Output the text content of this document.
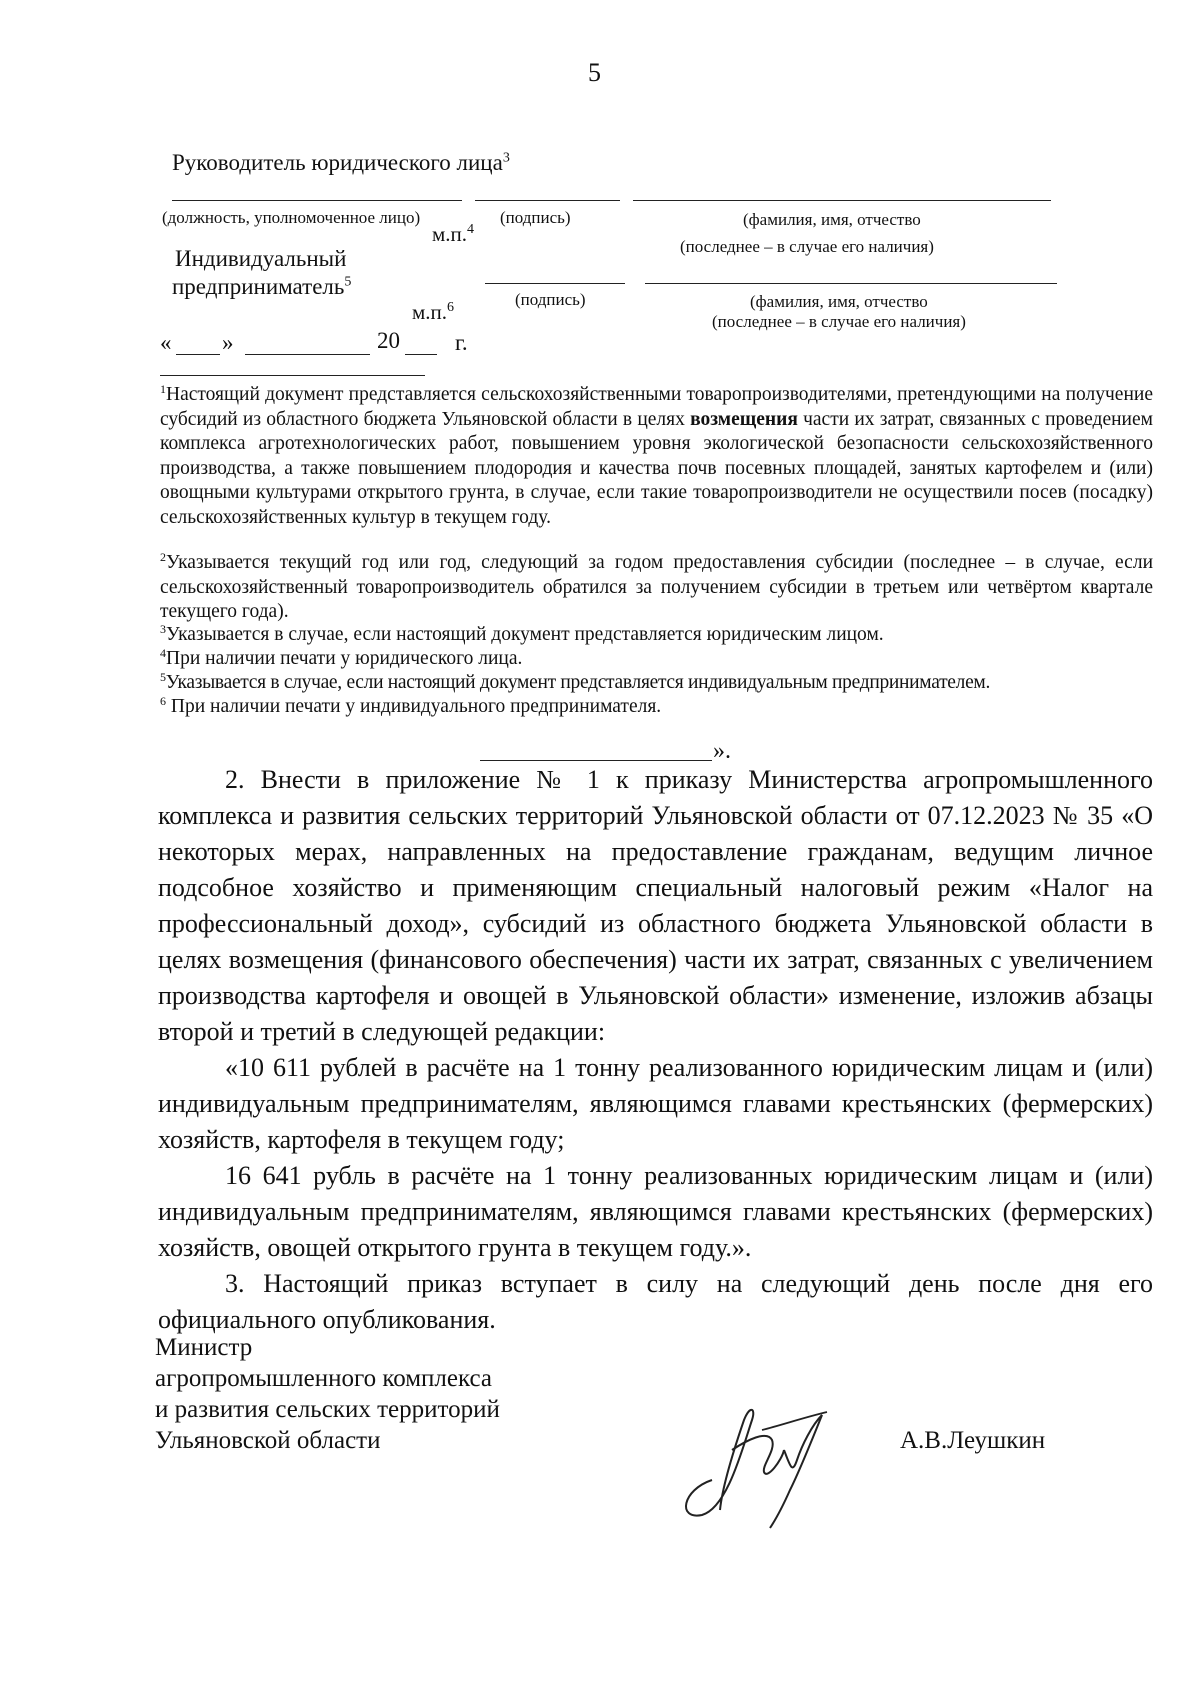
5
Руководитель юридического лица$^3$
(должность, уполномоченное лицо)	(подпись)	(фамилия, имя, отчество
(последнее – в случае его наличия)
м.п.$^4$
Индивидуальный
предприниматель$^5$
(подпись)	(фамилия, имя, отчество
(последнее – в случае его наличия)
м.п.$^6$
« »	20 г.
$^1$Настоящий документ представляется сельскохозяйственными товаропроизводителями, претендующими на получение субсидий из областного бюджета Ульяновской области в целях возмещения части их затрат, связанных с проведением комплекса агротехнологических работ, повышением уровня экологической безопасности сельскохозяйственного производства, а также повышением плодородия и качества почв посевных площадей, занятых картофелем и (или) овощными культурами открытого грунта, в случае, если такие товаропроизводители не осуществили посев (посадку) сельскохозяйственных культур в текущем году.
$^2$Указывается текущий год или год, следующий за годом предоставления субсидии (последнее – в случае, если сельскохозяйственный товаропроизводитель обратился за получением субсидии в третьем или четвёртом квартале текущего года).
$^3$Указывается в случае, если настоящий документ представляется юридическим лицом.
$^4$При наличии печати у юридического лица.
$^5$Указывается в случае, если настоящий документ представляется индивидуальным предпринимателем.
$^6$ При наличии печати у индивидуального предпринимателя.
».

2. Внести в приложение № 1 к приказу Министерства агропромышленного комплекса и развития сельских территорий Ульяновской области от 07.12.2023 № 35 «О некоторых мерах, направленных на предоставление гражданам, ведущим личное подсобное хозяйство и применяющим специальный налоговый режим «Налог на профессиональный доход», субсидий из областного бюджета Ульяновской области в целях возмещения (финансового обеспечения) части их затрат, связанных с увеличением производства картофеля и овощей в Ульяновской области» изменение, изложив абзацы второй и третий в следующей редакции:

«10 611 рублей в расчёте на 1 тонну реализованного юридическим лицам и (или) индивидуальным предпринимателям, являющимся главами крестьянских (фермерских) хозяйств, картофеля в текущем году;

16 641 рубль в расчёте на 1 тонну реализованных юридическим лицам и (или) индивидуальным предпринимателям, являющимся главами крестьянских (фермерских) хозяйств, овощей открытого грунта в текущем году.».

3. Настоящий приказ вступает в силу на следующий день после дня его официального опубликования.

Министр
агропромышленного комплекса
и развития сельских территорий
Ульяновской области	А.В.Леушкин
